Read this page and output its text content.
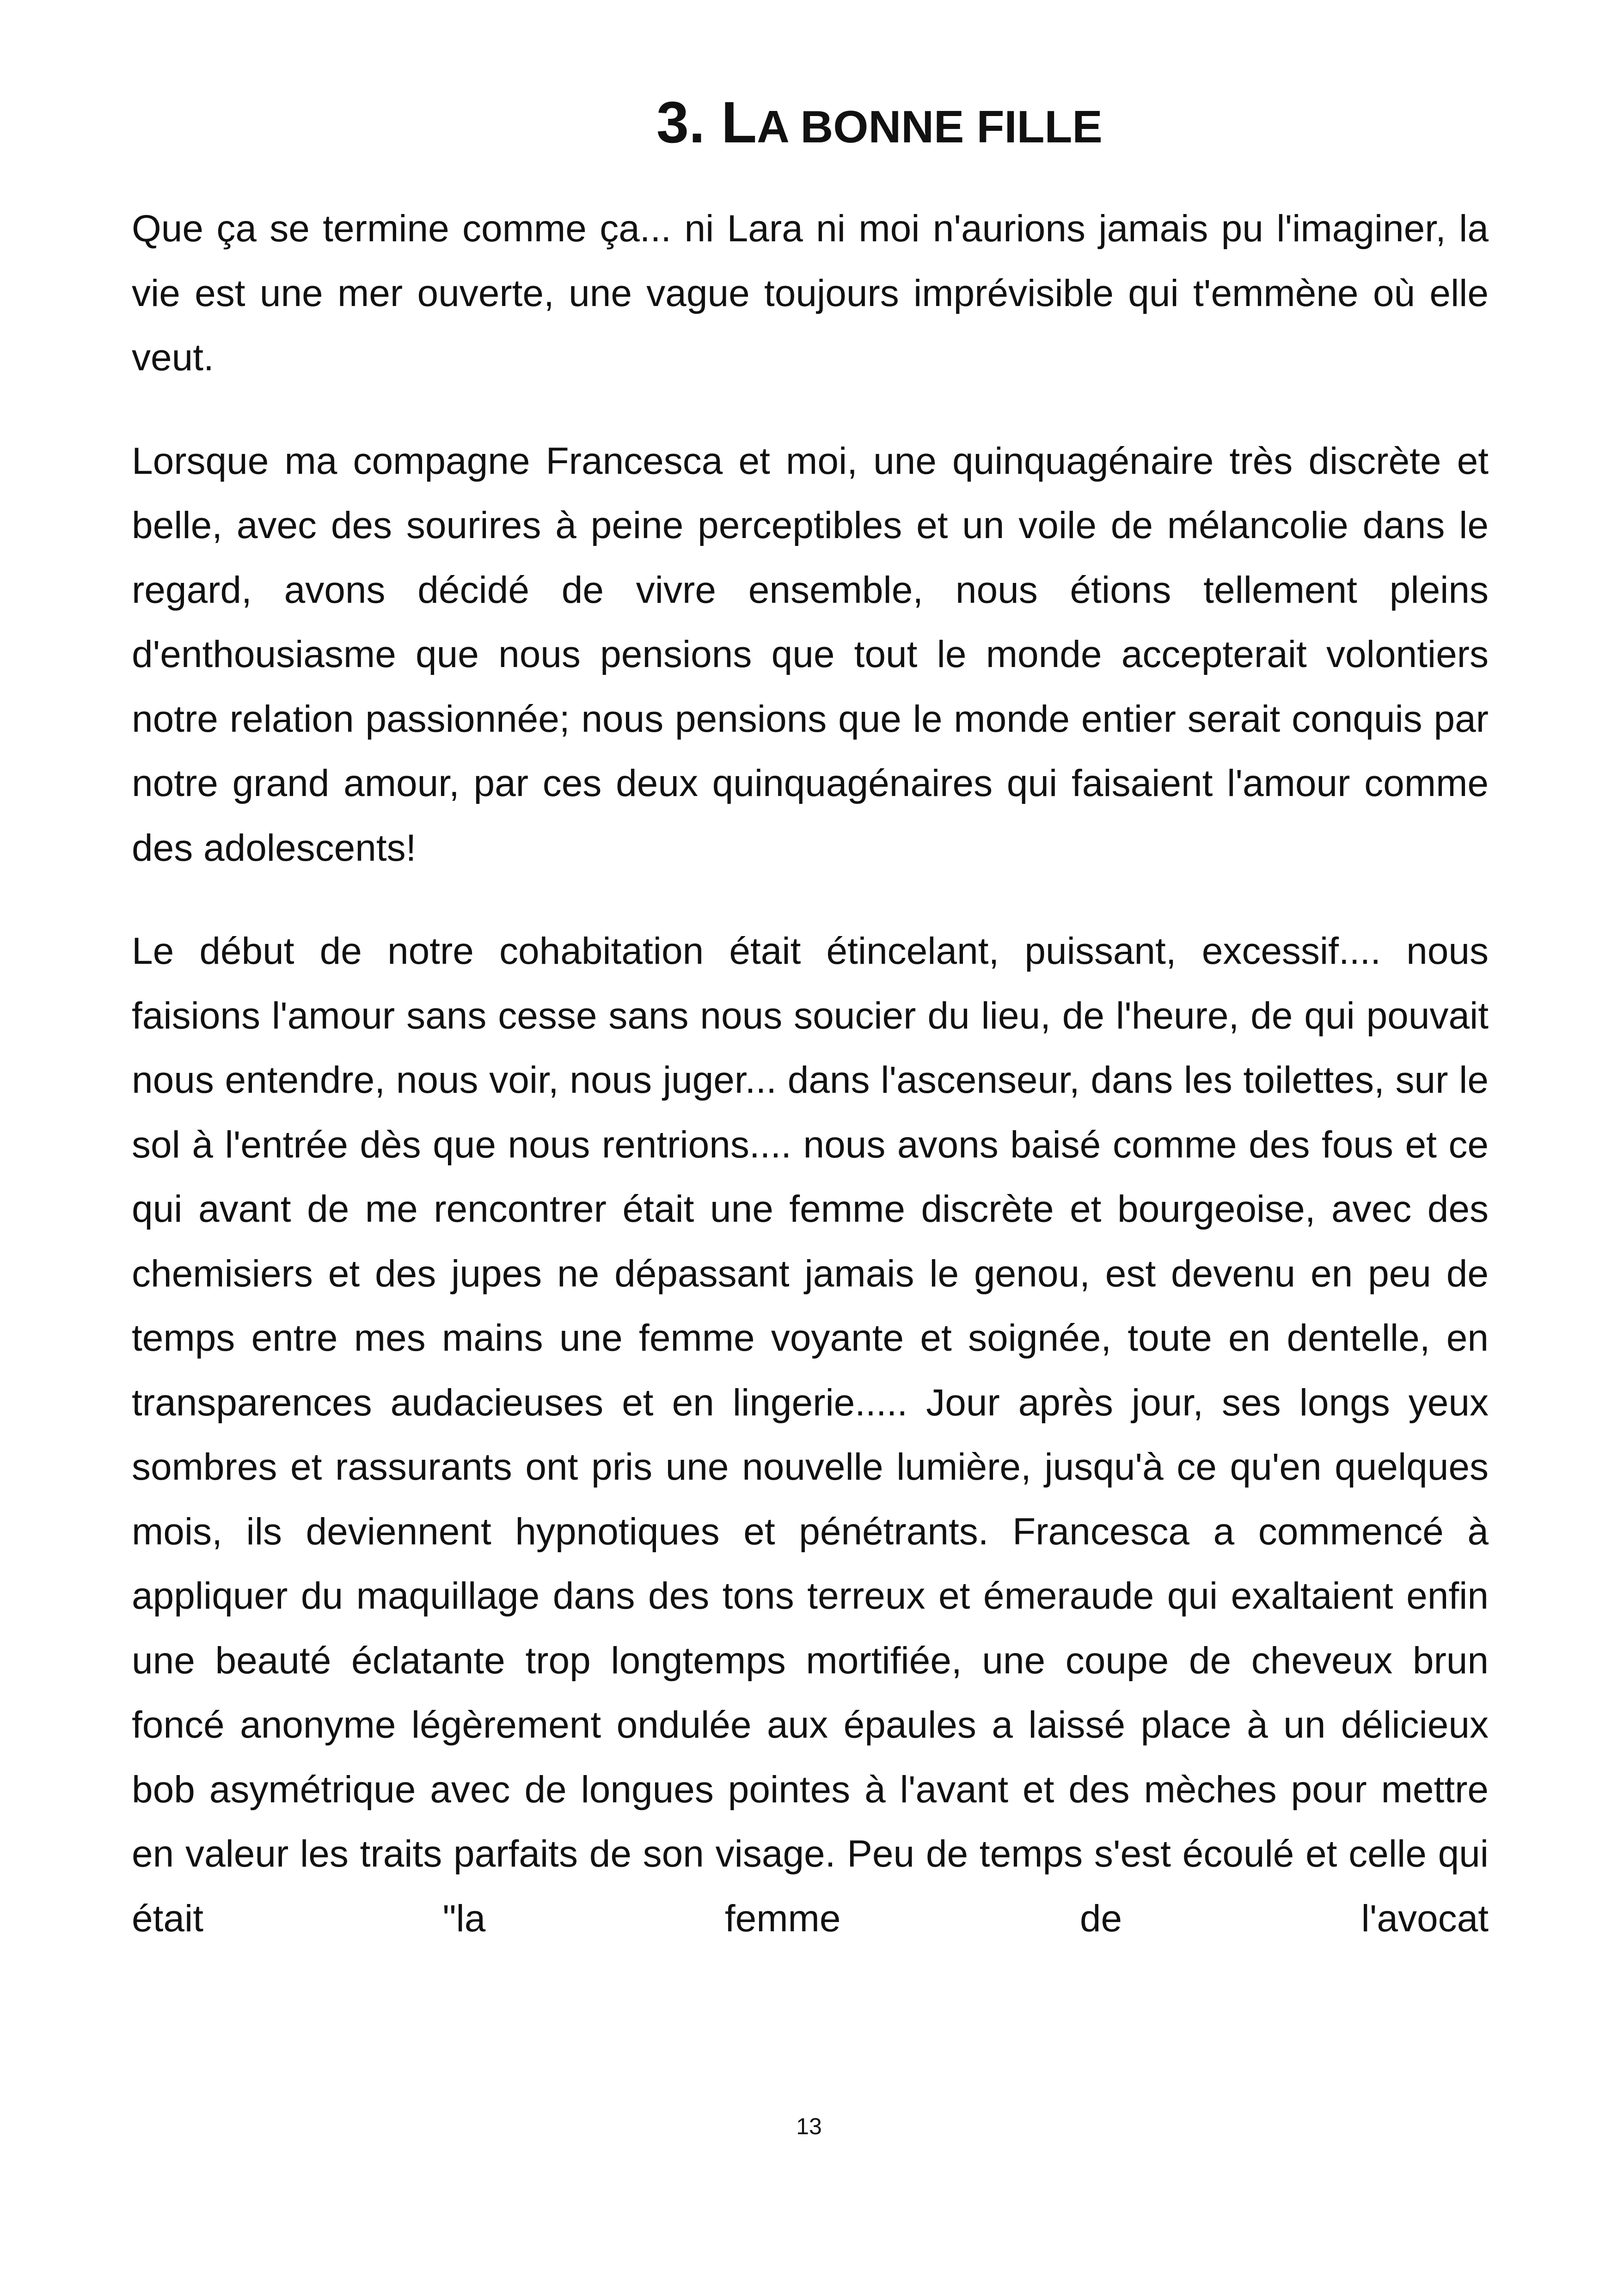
3. LA BONNE FILLE

Que ça se termine comme ça... ni Lara ni moi n'aurions jamais pu l'imaginer, la vie est une mer ouverte, une vague toujours imprévisible qui t'emmène où elle veut.

Lorsque ma compagne Francesca et moi, une quinquagénaire très discrète et belle, avec des sourires à peine perceptibles et un voile de mélancolie dans le regard, avons décidé de vivre ensemble, nous étions tellement pleins d'enthousiasme que nous pensions que tout le monde accepterait volontiers notre relation passionnée; nous pensions que le monde entier serait conquis par notre grand amour, par ces deux quinquagénaires qui faisaient l'amour comme des adolescents!

Le début de notre cohabitation était étincelant, puissant, excessif.... nous faisions l'amour sans cesse sans nous soucier du lieu, de l'heure, de qui pouvait nous entendre, nous voir, nous juger... dans l'ascenseur, dans les toilettes, sur le sol à l'entrée dès que nous rentrions.... nous avons baisé comme des fous et ce qui avant de me rencontrer était une femme discrète et bourgeoise, avec des chemisiers et des jupes ne dépassant jamais le genou, est devenu en peu de temps entre mes mains une femme voyante et soignée, toute en dentelle, en transparences audacieuses et en lingerie..... Jour après jour, ses longs yeux sombres et rassurants ont pris une nouvelle lumière, jusqu'à ce qu'en quelques mois, ils deviennent hypnotiques et pénétrants. Francesca a commencé à appliquer du maquillage dans des tons terreux et émeraude qui exaltaient enfin une beauté éclatante trop longtemps mortifiée, une coupe de cheveux brun foncé anonyme légèrement ondulée aux épaules a laissé place à un délicieux bob asymétrique avec de longues pointes à l'avant et des mèches pour mettre en valeur les traits parfaits de son visage. Peu de temps s'est écoulé et celle qui était "la femme de l'avocat

13
